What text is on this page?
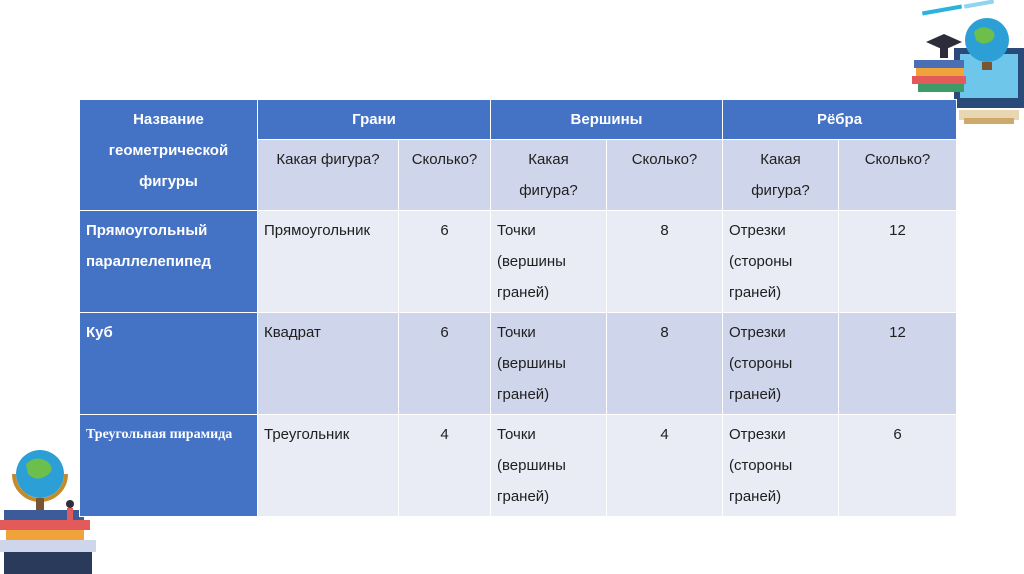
Название геометрической фигуры	Грани		Вершины		Рёбра	
	Какая фигура?	Сколько?	Какая фигура?	Сколько?	Какая фигура?	Сколько?
Прямоугольный параллелепипед	Прямоугольник	6	Точки (вершины граней)	8	Отрезки (стороны граней)	12
Куб	Квадрат	6	Точки (вершины граней)	8	Отрезки (стороны граней)	12
Треугольная пирамида	Треугольник	4	Точки (вершины граней)	4	Отрезки (стороны граней)	6
